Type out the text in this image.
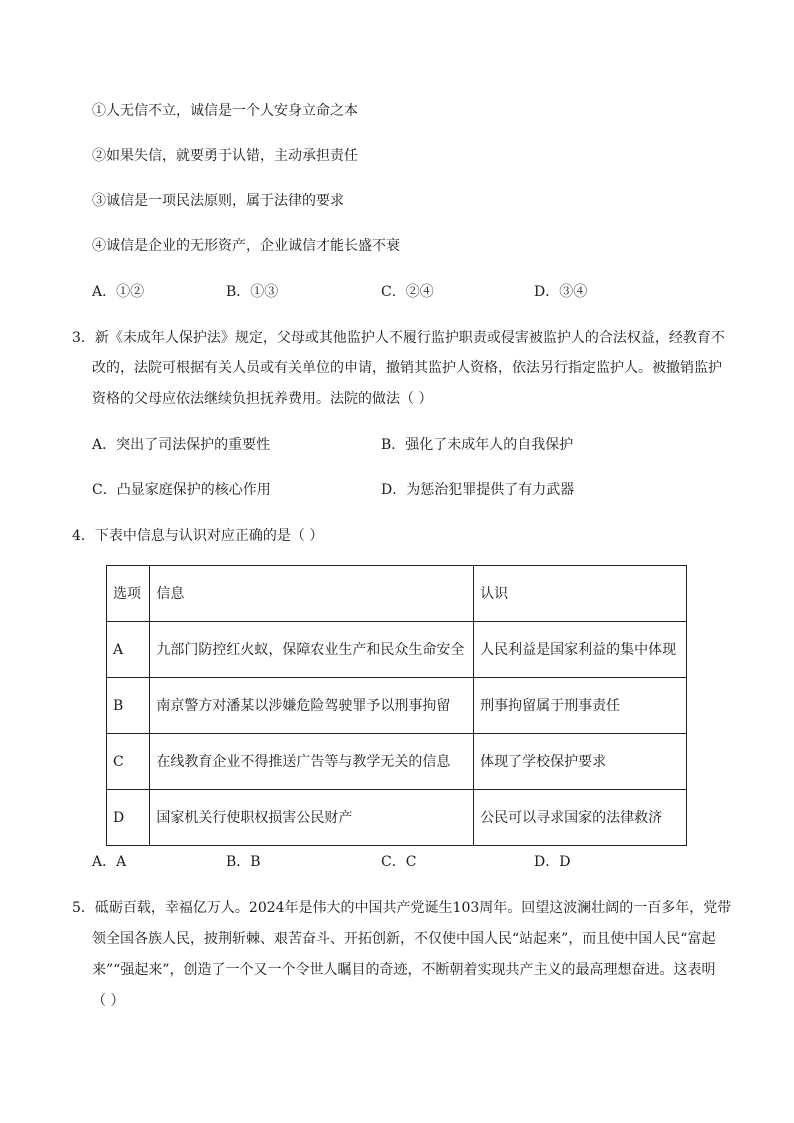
①人无信不立，诚信是一个人安身立命之本
②如果失信，就要勇于认错，主动承担责任
③诚信是一项民法原则，属于法律的要求
④诚信是企业的无形资产，企业诚信才能长盛不衰
A．①②	B．①③	C．②④	D．③④
3．新《未成年人保护法》规定，父母或其他监护人不履行监护职责或侵害被监护人的合法权益，经教育不
改的，法院可根据有关人员或有关单位的申请，撤销其监护人资格，依法另行指定监护人。被撤销监护
资格的父母应依法继续负担抚养费用。法院的做法（ ）
A．突出了司法保护的重要性	B．强化了未成年人的自我保护
C．凸显家庭保护的核心作用	D．为惩治犯罪提供了有力武器
4．下表中信息与认识对应正确的是（ ）
选项	信息	认识
A	九部门防控红火蚁，保障农业生产和民众生命安全	人民利益是国家利益的集中体现
B	南京警方对潘某以涉嫌危险驾驶罪予以刑事拘留	刑事拘留属于刑事责任
C	在线教育企业不得推送广告等与教学无关的信息	体现了学校保护要求
D	国家机关行使职权损害公民财产	公民可以寻求国家的法律救济
A．A	B．B	C．C	D．D
5．砥砺百载，幸福亿万人。2024年是伟大的中国共产党诞生103周年。回望这波澜壮阔的一百多年，党带
领全国各族人民，披荆斩棘、艰苦奋斗、开拓创新，不仅使中国人民“站起来”，而且使中国人民“富起
来”“强起来”，创造了一个又一个令世人瞩目的奇迹，不断朝着实现共产主义的最高理想奋进。这表明
（ ）
